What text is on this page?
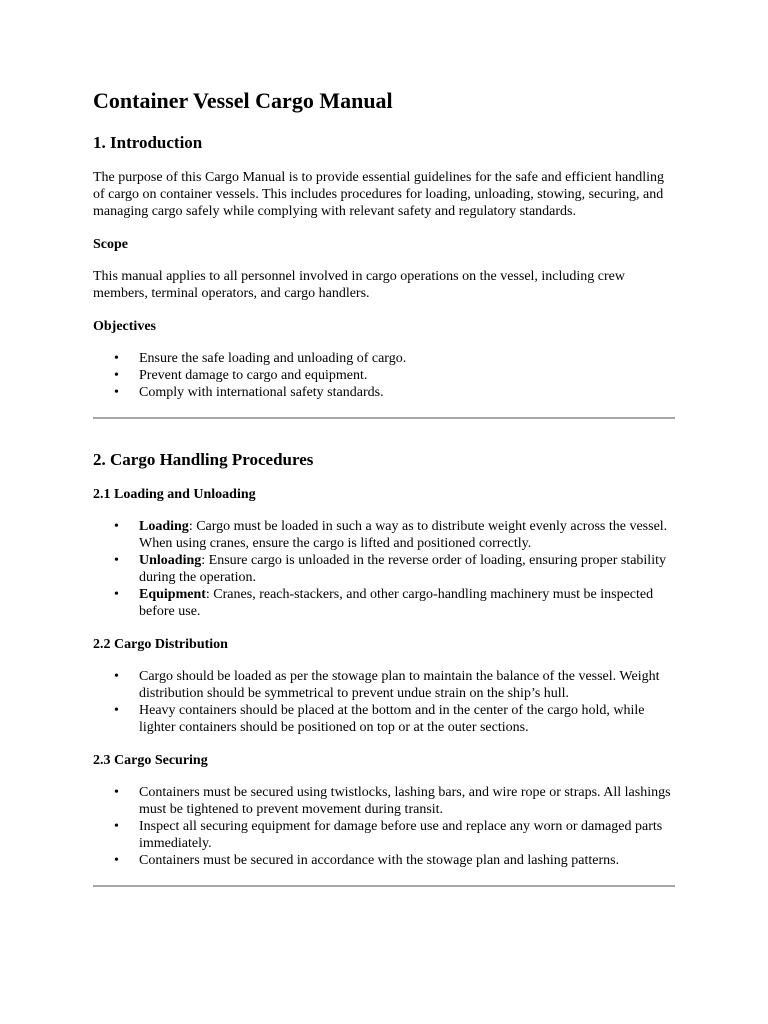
Container Vessel Cargo Manual
1. Introduction

The purpose of this Cargo Manual is to provide essential guidelines for the safe and efficient handling of cargo on container vessels. This includes procedures for loading, unloading, stowing, securing, and managing cargo safely while complying with relevant safety and regulatory standards.

Scope

This manual applies to all personnel involved in cargo operations on the vessel, including crew members, terminal operators, and cargo handlers.

Objectives
• Ensure the safe loading and unloading of cargo.
• Prevent damage to cargo and equipment.
• Comply with international safety standards.
2. Cargo Handling Procedures
2.1 Loading and Unloading
• Loading: Cargo must be loaded in such a way as to distribute weight evenly across the vessel. When using cranes, ensure the cargo is lifted and positioned correctly.
• Unloading: Ensure cargo is unloaded in the reverse order of loading, ensuring proper stability during the operation.
• Equipment: Cranes, reach-stackers, and other cargo-handling machinery must be inspected before use.
2.2 Cargo Distribution
• Cargo should be loaded as per the stowage plan to maintain the balance of the vessel. Weight distribution should be symmetrical to prevent undue strain on the ship’s hull.
• Heavy containers should be placed at the bottom and in the center of the cargo hold, while lighter containers should be positioned on top or at the outer sections.
2.3 Cargo Securing
• Containers must be secured using twistlocks, lashing bars, and wire rope or straps. All lashings must be tightened to prevent movement during transit.
• Inspect all securing equipment for damage before use and replace any worn or damaged parts immediately.
• Containers must be secured in accordance with the stowage plan and lashing patterns.
